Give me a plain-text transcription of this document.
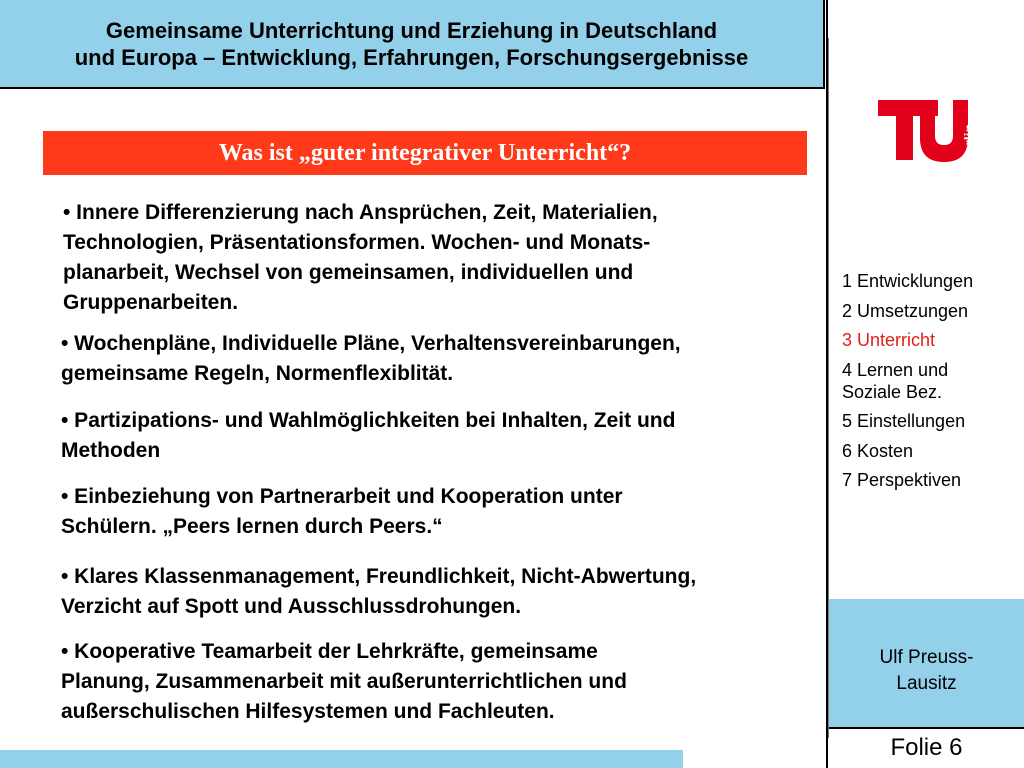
Gemeinsame Unterrichtung und Erziehung in Deutschland
und Europa – Entwicklung, Erfahrungen, Forschungsergebnisse
berlin
1 Entwicklungen
2 Umsetzungen
3 Unterricht
4 Lernen und
Soziale Bez.
5 Einstellungen
6 Kosten
7 Perspektiven
Ulf Preuss-
Lausitz
Folie 6
Was ist „guter integrativer Unterricht“?
• Innere Differenzierung nach Ansprüchen, Zeit, Materialien,
Technologien, Präsentationsformen. Wochen- und Monats-
planarbeit, Wechsel von gemeinsamen, individuellen und
Gruppenarbeiten.
• Wochenpläne, Individuelle Pläne, Verhaltensvereinbarungen,
gemeinsame Regeln, Normenflexiblität.
• Partizipations- und Wahlmöglichkeiten bei Inhalten, Zeit und
Methoden
• Einbeziehung von Partnerarbeit und Kooperation unter
Schülern. „Peers lernen durch Peers.“
• Klares Klassenmanagement, Freundlichkeit, Nicht-Abwertung,
Verzicht auf Spott und Ausschlussdrohungen.
• Kooperative Teamarbeit der Lehrkräfte, gemeinsame
Planung, Zusammenarbeit mit außerunterrichtlichen und
außerschulischen Hilfesystemen und Fachleuten.
